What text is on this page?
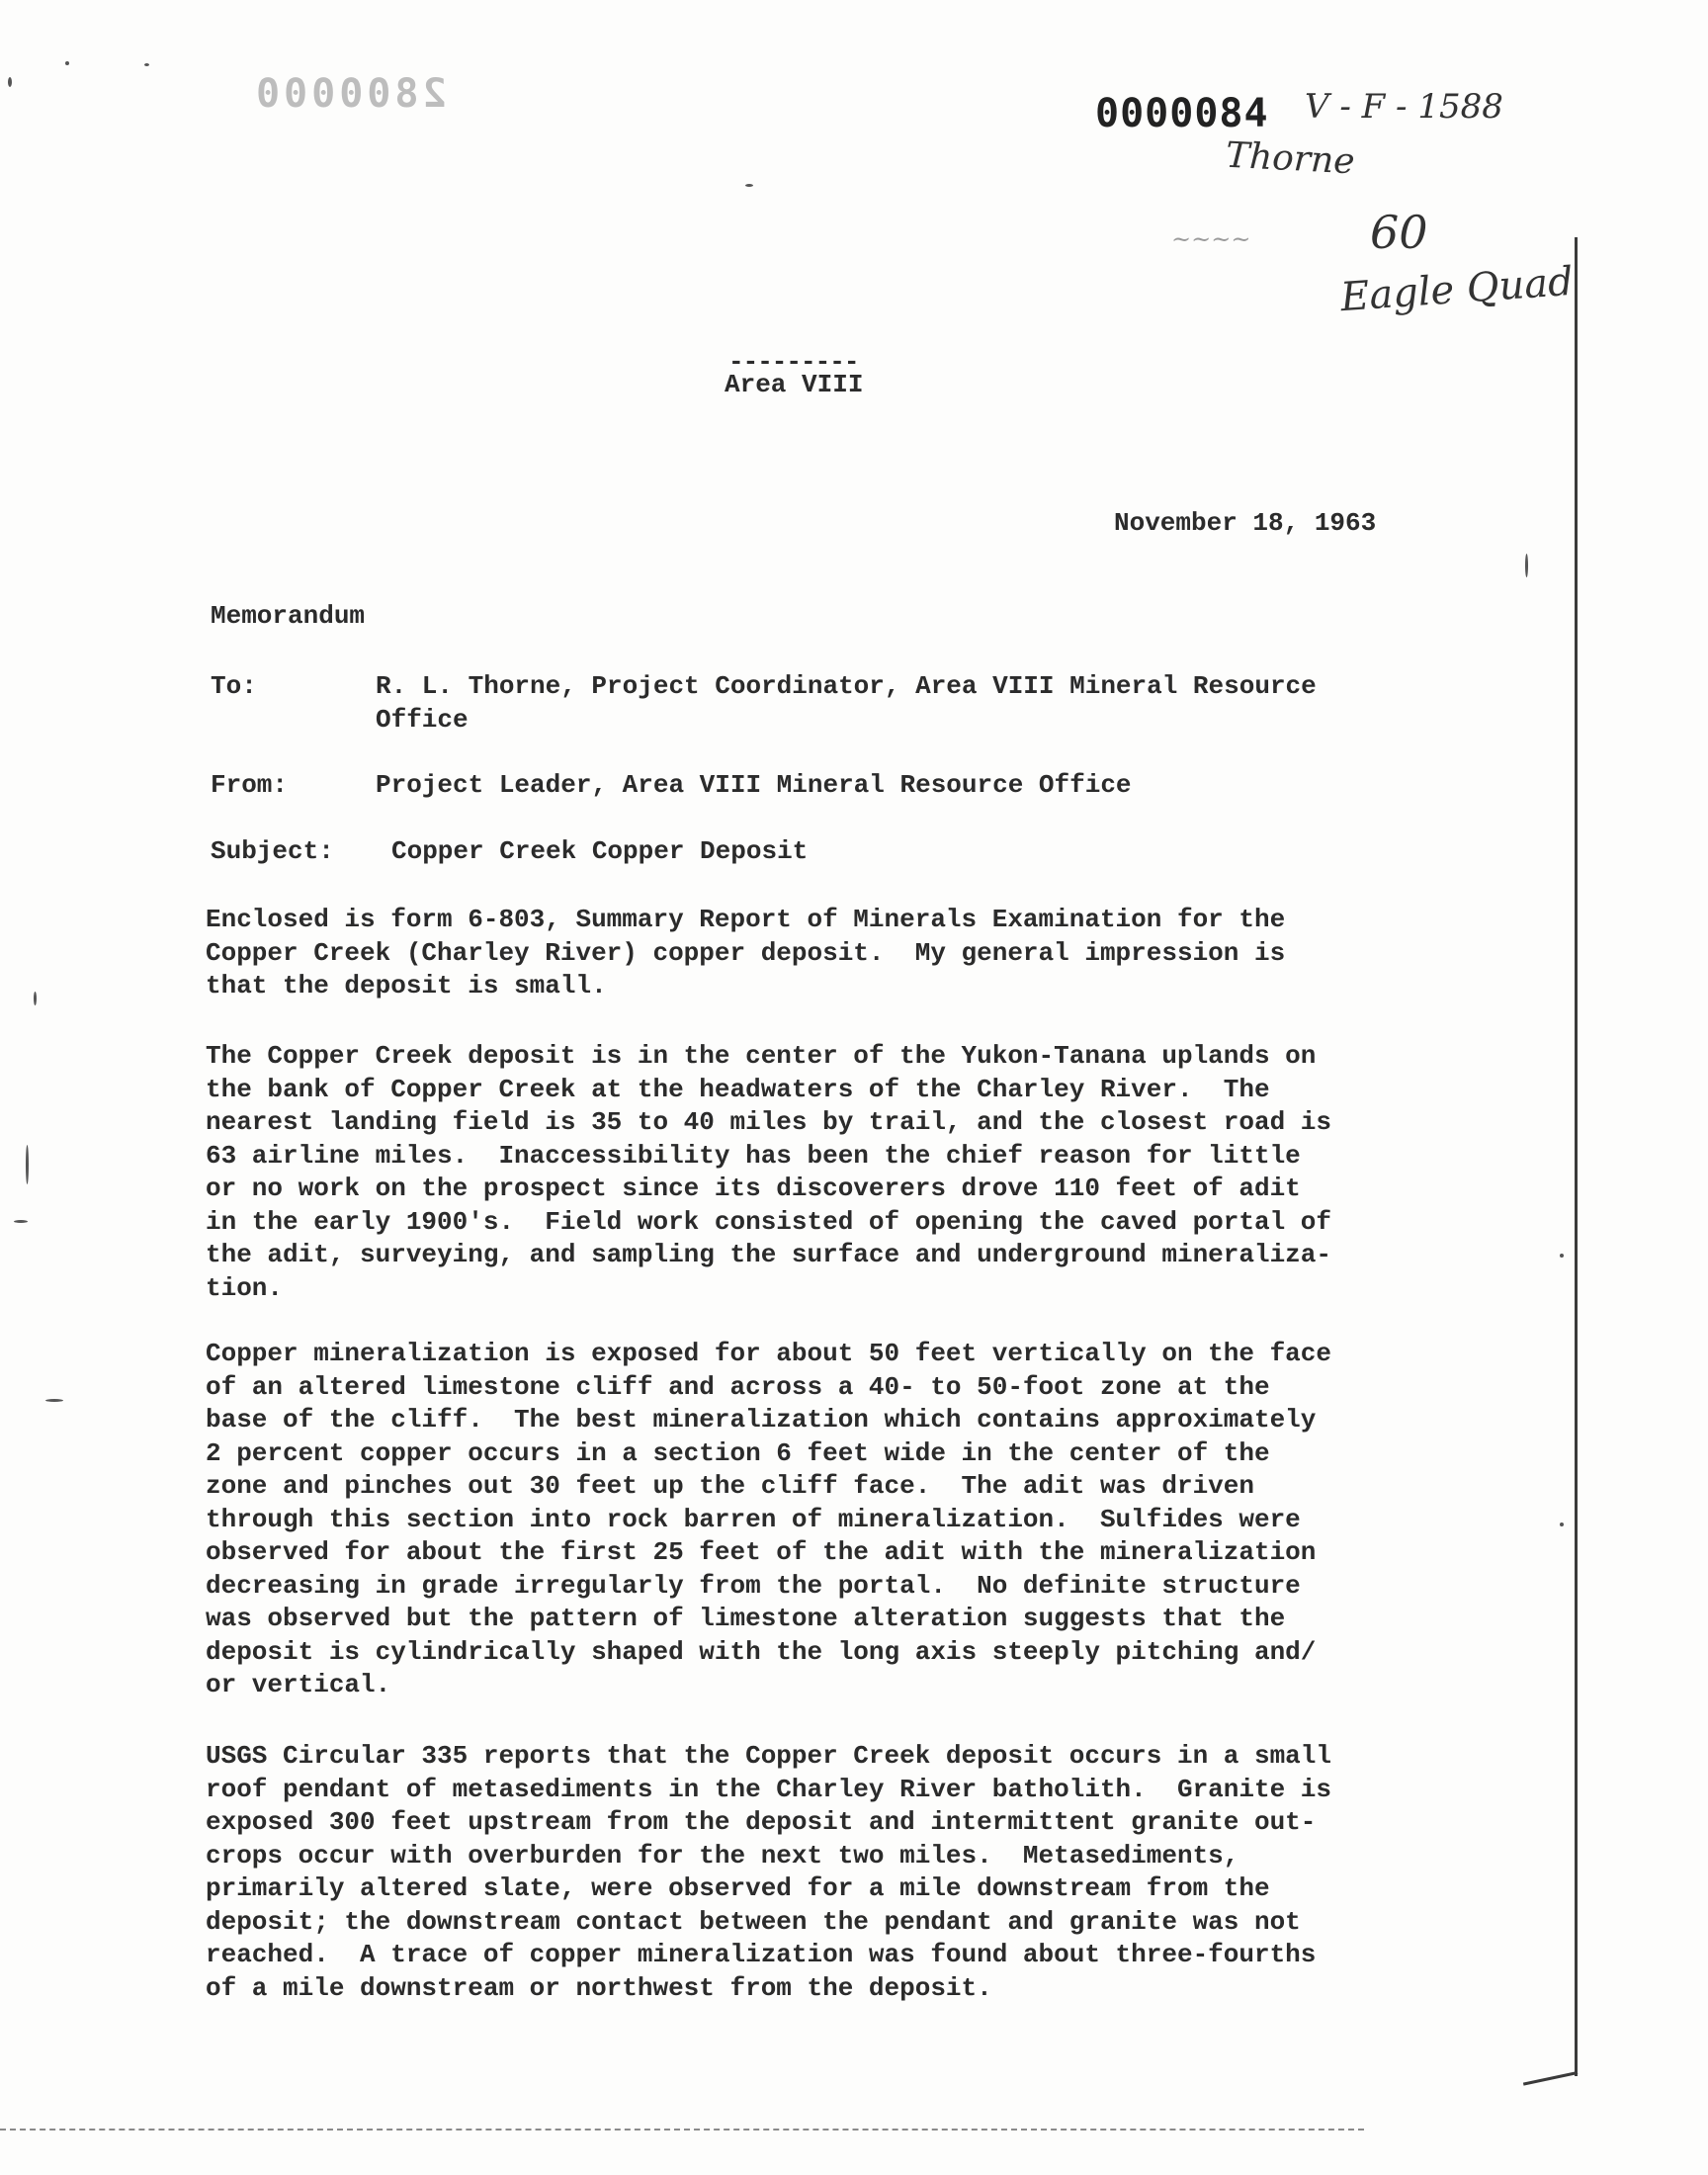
2800000	0000084 V - F - 1588
Thorne
~~~~	60
Eagle Quad
---------
Area VIII
November 18, 1963
Memorandum
To:	R. L. Thorne, Project Coordinator, Area VIII Mineral Resource
Office
From:	Project Leader, Area VIII Mineral Resource Office
Subject: Copper Creek Copper Deposit
Enclosed is form 6-803, Summary Report of Minerals Examination for the
Copper Creek (Charley River) copper deposit.  My general impression is
that the deposit is small.
The Copper Creek deposit is in the center of the Yukon-Tanana uplands on
the bank of Copper Creek at the headwaters of the Charley River.  The
nearest landing field is 35 to 40 miles by trail, and the closest road is
63 airline miles.  Inaccessibility has been the chief reason for little
or no work on the prospect since its discoverers drove 110 feet of adit
in the early 1900's.  Field work consisted of opening the caved portal of
the adit, surveying, and sampling the surface and underground mineraliza-
tion.
Copper mineralization is exposed for about 50 feet vertically on the face
of an altered limestone cliff and across a 40- to 50-foot zone at the
base of the cliff.  The best mineralization which contains approximately
2 percent copper occurs in a section 6 feet wide in the center of the
zone and pinches out 30 feet up the cliff face.  The adit was driven
through this section into rock barren of mineralization.  Sulfides were
observed for about the first 25 feet of the adit with the mineralization
decreasing in grade irregularly from the portal.  No definite structure
was observed but the pattern of limestone alteration suggests that the
deposit is cylindrically shaped with the long axis steeply pitching and/
or vertical.
USGS Circular 335 reports that the Copper Creek deposit occurs in a small
roof pendant of metasediments in the Charley River batholith.  Granite is
exposed 300 feet upstream from the deposit and intermittent granite out-
crops occur with overburden for the next two miles.  Metasediments,
primarily altered slate, were observed for a mile downstream from the
deposit; the downstream contact between the pendant and granite was not
reached.  A trace of copper mineralization was found about three-fourths
of a mile downstream or northwest from the deposit.
